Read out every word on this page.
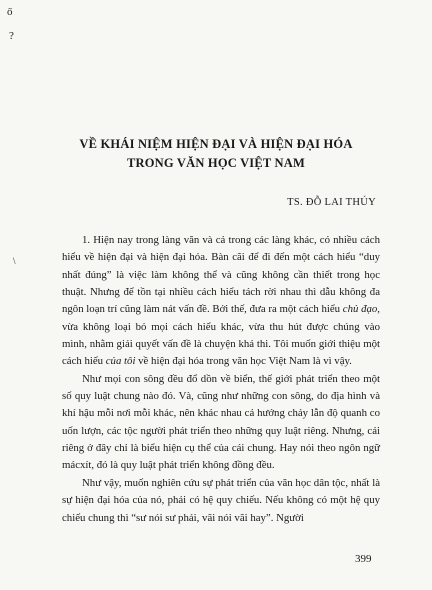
ő
?
\
VỀ KHÁI NIỆM HIỆN ĐẠI VÀ HIỆN ĐẠI HÓA
TRONG VĂN HỌC VIỆT NAM
TS. ĐỖ LAI THÚY

1. Hiện nay trong làng văn và cả trong các làng khác, có nhiều cách hiểu về hiện đại và hiện đại hóa. Bàn cãi để đi đến một cách hiểu “duy nhất đúng” là việc làm không thể và cũng không cần thiết trong học thuật. Nhưng để tồn tại nhiều cách hiểu tách rời nhau thì dẫu không đa ngôn loạn trí cũng làm nát vấn đề. Bởi thế, đưa ra một cách hiểu chủ đạo, vừa không loại bỏ mọi cách hiểu khác, vừa thu hút được chúng vào mình, nhằm giải quyết vấn đề là chuyện khả thi. Tôi muốn giới thiệu một cách hiểu của tôi về hiện đại hóa trong văn học Việt Nam là vì vậy.

Như mọi con sông đều đổ dồn về biển, thế giới phát triển theo một số quy luật chung nào đó. Và, cũng như những con sông, do địa hình và khí hậu mỗi nơi mỗi khác, nên khác nhau cả hướng chảy lẫn độ quanh co uốn lượn, các tộc người phát triển theo những quy luật riêng. Nhưng, cái riêng ở đây chỉ là biểu hiện cụ thể của cái chung. Hay nói theo ngôn ngữ mácxít, đó là quy luật phát triển không đồng đều.

Như vậy, muốn nghiên cứu sự phát triển của văn học dân tộc, nhất là sự hiện đại hóa của nó, phải có hệ quy chiếu. Nếu không có một hệ quy chiếu chung thì “sư nói sư phải, vãi nói vãi hay”. Người

399
